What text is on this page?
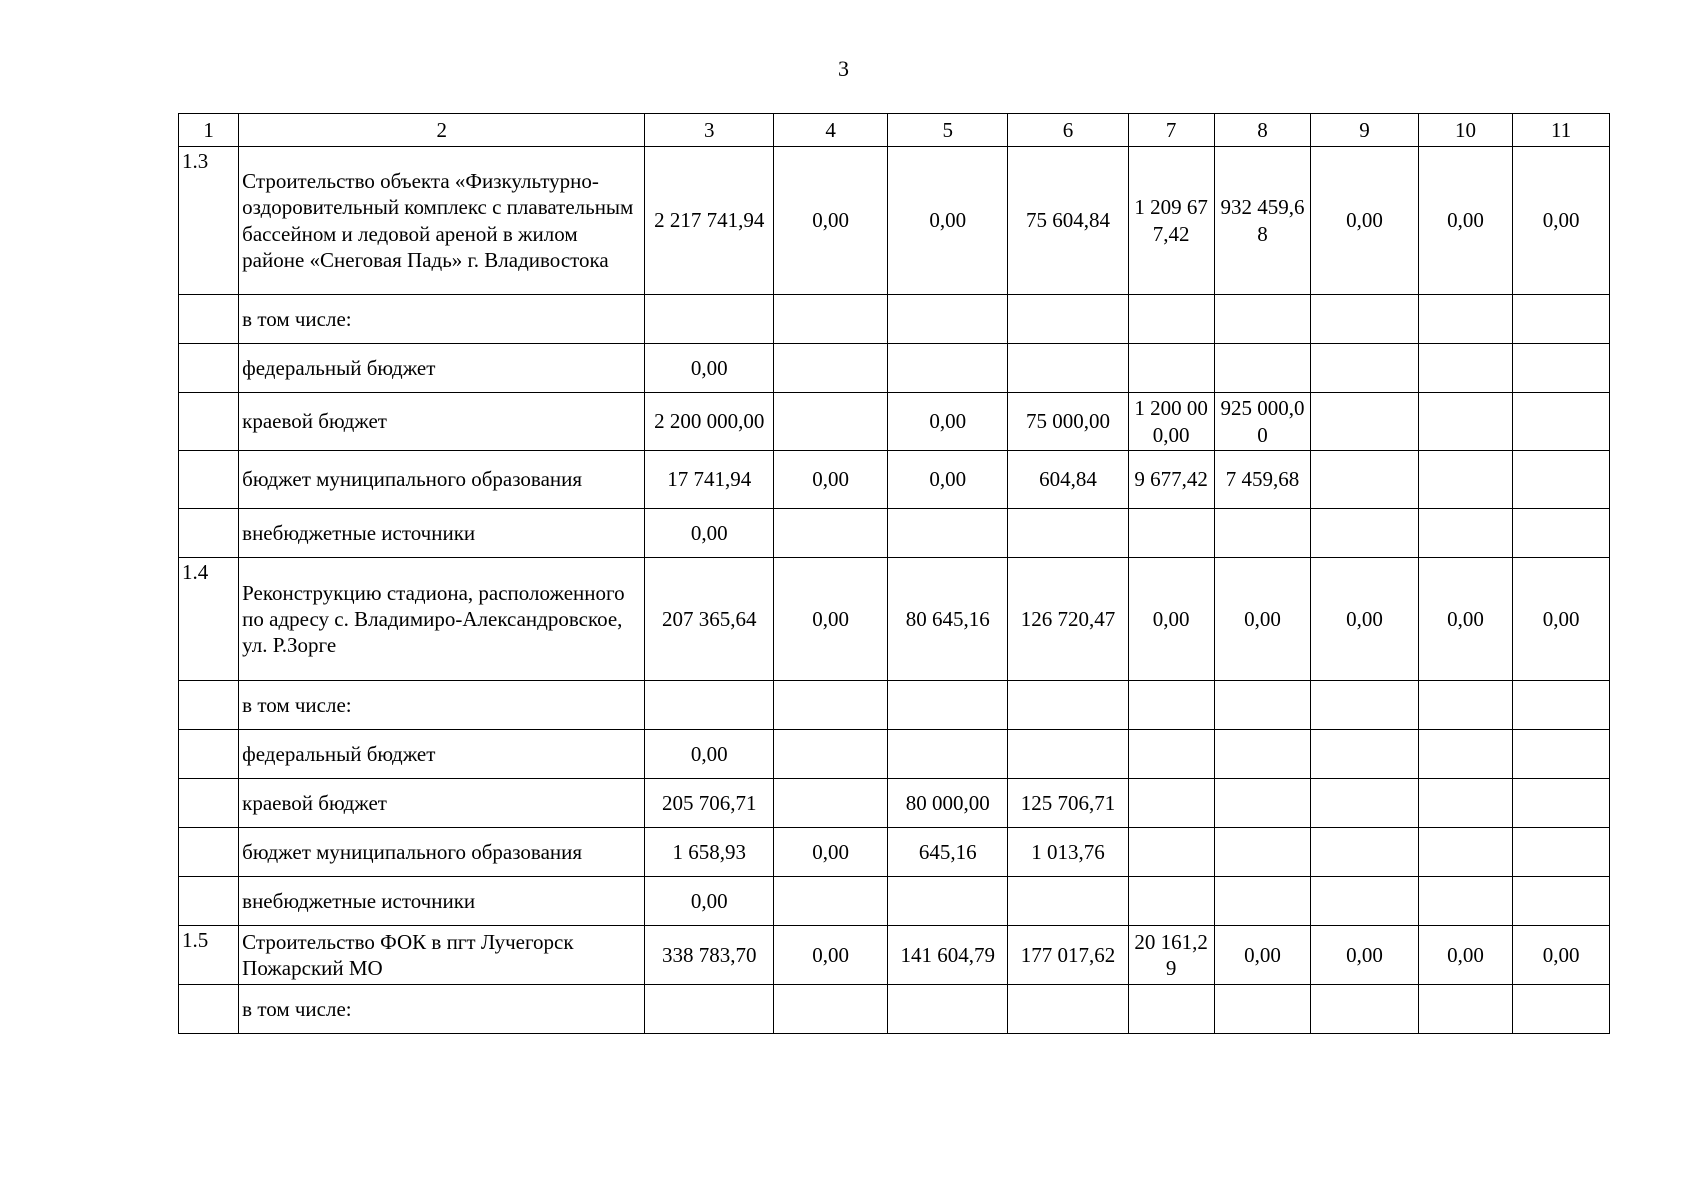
3
1	2	3	4	5	6	7	8	9	10	11
1.3	Строительство объекта «Физкультурно-оздоровительный комплекс с плавательным бассейном и ледовой ареной в жилом районе «Снеговая Падь» г. Владивостока	2 217 741,94	0,00	0,00	75 604,84	1 209 677,42	932 459,68	0,00	0,00	0,00
	в том числе:									
	федеральный бюджет	0,00								
	краевой бюджет	2 200 000,00		0,00	75 000,00	1 200 000,00	925 000,00			
	бюджет муниципального образования	17 741,94	0,00	0,00	604,84	9 677,42	7 459,68			
	внебюджетные источники	0,00								
1.4	Реконструкцию стадиона, расположенного по адресу с. Владимиро-Александровское, ул. Р.Зорге	207 365,64	0,00	80 645,16	126 720,47	0,00	0,00	0,00	0,00	0,00
	в том числе:									
	федеральный бюджет	0,00								
	краевой бюджет	205 706,71		80 000,00	125 706,71					
	бюджет муниципального образования	1 658,93	0,00	645,16	1 013,76					
	внебюджетные источники	0,00								
1.5	Строительство ФОК в пгт Лучегорск Пожарский МО	338 783,70	0,00	141 604,79	177 017,62	20 161,29	0,00	0,00	0,00	0,00
	в том числе:									
